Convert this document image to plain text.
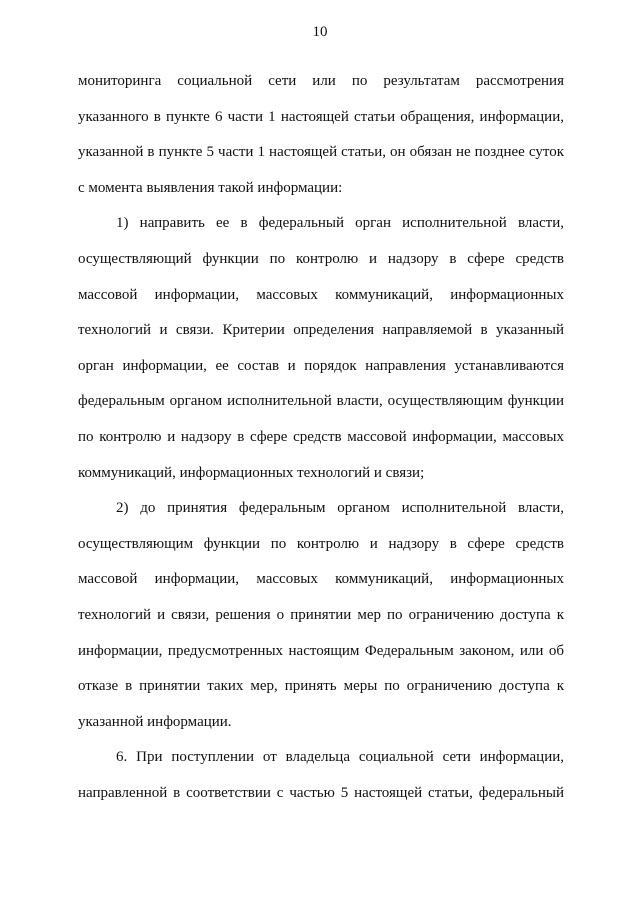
10
мониторинга социальной сети или по результатам рассмотрения
указанного в пункте 6 части 1 настоящей статьи обращения, информации,
указанной в пункте 5 части 1 настоящей статьи, он обязан не позднее суток
с момента выявления такой информации:
1) направить ее в федеральный орган исполнительной власти,
осуществляющий функции по контролю и надзору в сфере средств
массовой информации, массовых коммуникаций, информационных
технологий и связи. Критерии определения направляемой в указанный
орган информации, ее состав и порядок направления устанавливаются
федеральным органом исполнительной власти, осуществляющим функции
по контролю и надзору в сфере средств массовой информации, массовых
коммуникаций, информационных технологий и связи;
2) до принятия федеральным органом исполнительной власти,
осуществляющим функции по контролю и надзору в сфере средств
массовой информации, массовых коммуникаций, информационных
технологий и связи, решения о принятии мер по ограничению доступа к
информации, предусмотренных настоящим Федеральным законом, или об
отказе в принятии таких мер, принять меры по ограничению доступа к
указанной информации.
6. При поступлении от владельца социальной сети информации,
направленной в соответствии с частью 5 настоящей статьи, федеральный
